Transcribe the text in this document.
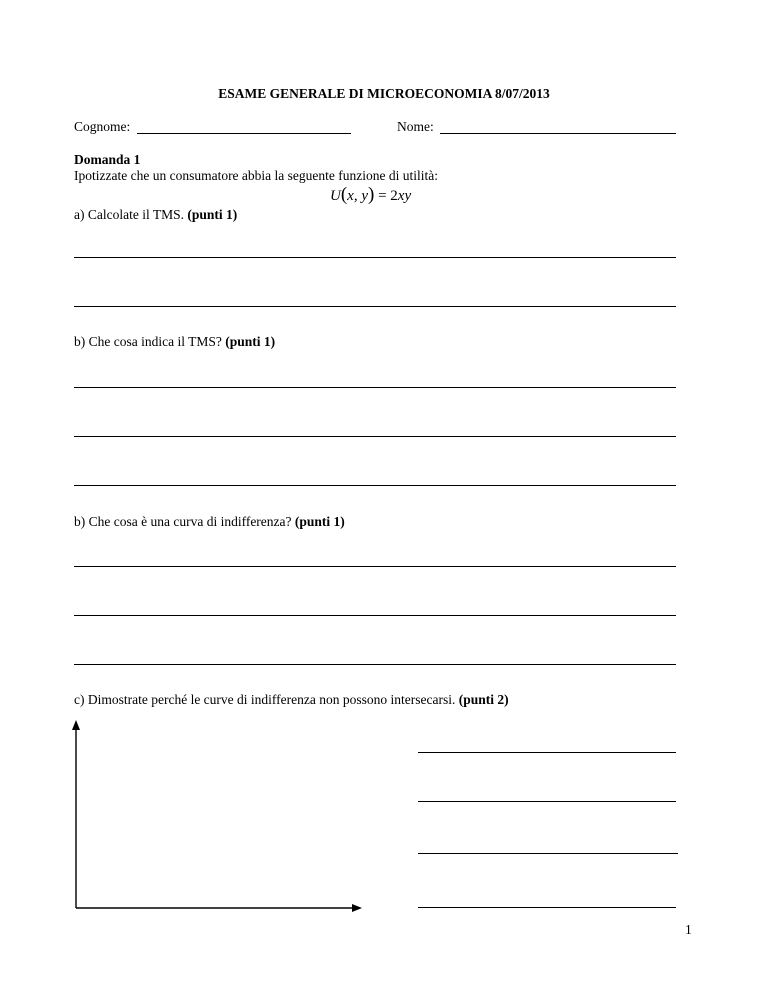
ESAME GENERALE DI MICROECONOMIA 8/07/2013
Cognome:	Nome:
Domanda 1
Ipotizzate che un consumatore abbia la seguente funzione di utilità:
U(x, y) = 2xy
a) Calcolate il TMS. (punti 1)
b) Che cosa indica il TMS? (punti 1)
b) Che cosa è una curva di indifferenza? (punti 1)
c) Dimostrate perché le curve di indifferenza non possono intersecarsi. (punti 2)
1
